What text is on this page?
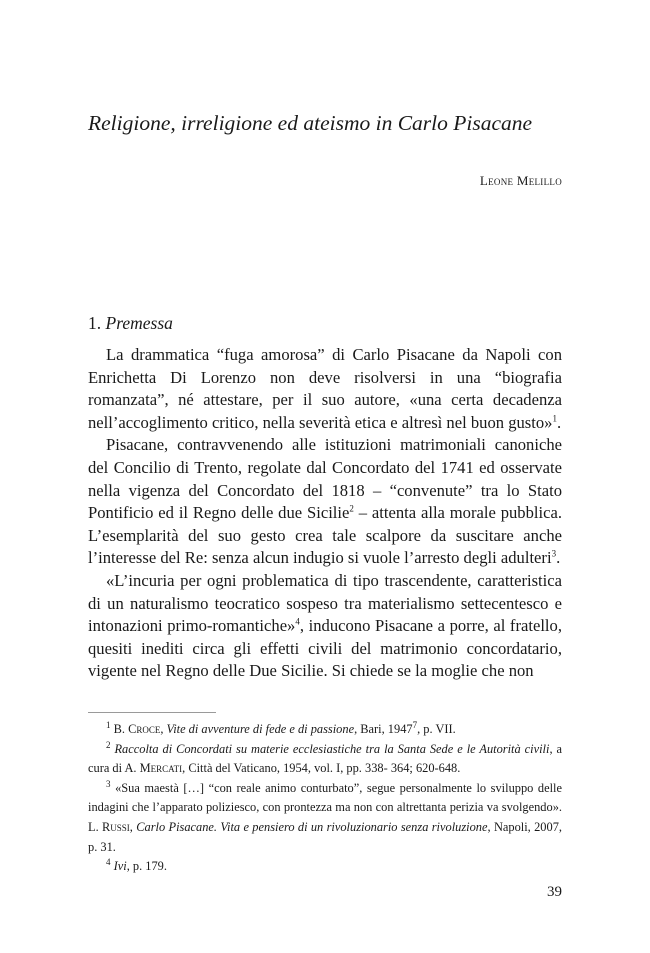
Religione, irreligione ed ateismo in Carlo Pisacane
Leone Melillo
1. Premessa

La drammatica “fuga amorosa” di Carlo Pisacane da Napoli con Enrichetta Di Lorenzo non deve risolversi in una “biografia romanzata”, né attestare, per il suo autore, «una certa decadenza nell’accoglimento critico, nella severità etica e altresì nel buon gusto»$^1$.

Pisacane, contravvenendo alle istituzioni matrimoniali canoniche del Concilio di Trento, regolate dal Concordato del 1741 ed osservate nella vigenza del Concordato del 1818 – “convenute” tra lo Stato Pontificio ed il Regno delle due Sicilie$^2$ – attenta alla morale pubblica. L’esemplarità del suo gesto crea tale scalpore da suscitare anche l’interesse del Re: senza alcun indugio si vuole l’arresto degli adulteri$^3$.

«L’incuria per ogni problematica di tipo trascendente, caratteristica di un naturalismo teocratico sospeso tra materialismo settecentesco e intonazioni primo-romantiche»$^4$, inducono Pisacane a porre, al fratello, quesiti inediti circa gli effetti civili del matrimonio concordatario, vigente nel Regno delle Due Sicilie. Si chiede se la moglie che non

$^1$ B. Croce, Vite di avventure di fede e di passione, Bari, 1947$^7$, p. VII.

$^2$ Raccolta di Concordati su materie ecclesiastiche tra la Santa Sede e le Autorità civili, a cura di A. Mercati, Città del Vaticano, 1954, vol. I, pp. 338- 364; 620-648.

$^3$ «Sua maestà […] “con reale animo conturbato”, segue personalmente lo sviluppo delle indagini che l’apparato poliziesco, con prontezza ma non con altrettanta perizia va svolgendo». L. Russi, Carlo Pisacane. Vita e pensiero di un rivoluzionario senza rivoluzione, Napoli, 2007, p. 31.

$^4$ Ivi, p. 179.

39
